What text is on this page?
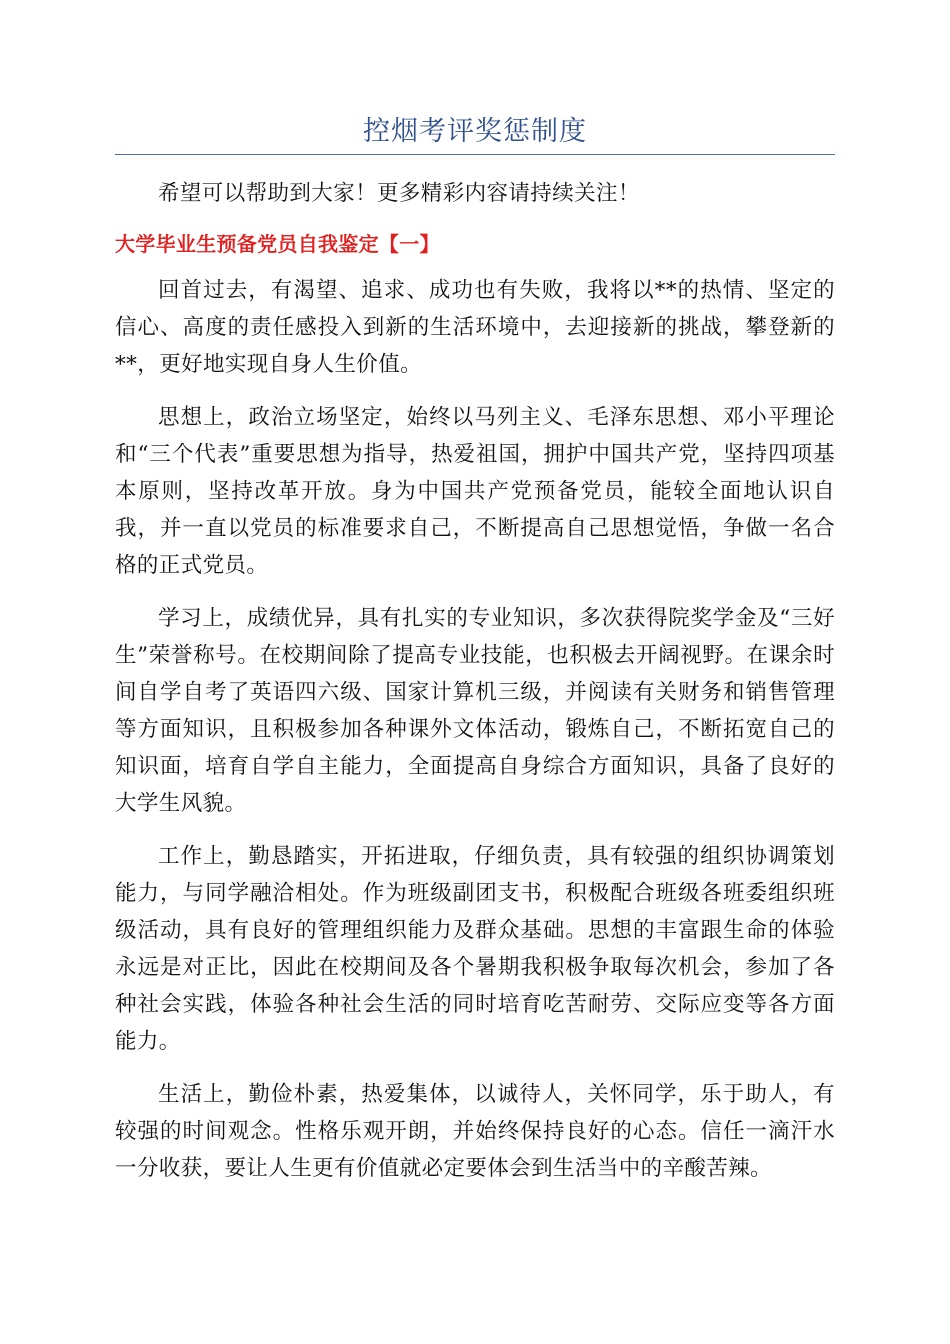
控烟考评奖惩制度

希望可以帮助到大家！更多精彩内容请持续关注！

大学毕业生预备党员自我鉴定【一】

回首过去，有渴望、追求、成功也有失败，我将以**的热情、坚定的信心、高度的责任感投入到新的生活环境中，去迎接新的挑战，攀登新的**，更好地实现自身人生价值。

思想上，政治立场坚定，始终以马列主义、毛泽东思想、邓小平理论和“三个代表”重要思想为指导，热爱祖国，拥护中国共产党，坚持四项基本原则，坚持改革开放。身为中国共产党预备党员，能较全面地认识自我，并一直以党员的标准要求自己，不断提高自己思想觉悟，争做一名合格的正式党员。

学习上，成绩优异，具有扎实的专业知识，多次获得院奖学金及“三好生”荣誉称号。在校期间除了提高专业技能，也积极去开阔视野。在课余时间自学自考了英语四六级、国家计算机三级，并阅读有关财务和销售管理等方面知识，且积极参加各种课外文体活动，锻炼自己，不断拓宽自己的知识面，培育自学自主能力，全面提高自身综合方面知识，具备了良好的大学生风貌。

工作上，勤恳踏实，开拓进取，仔细负责，具有较强的组织协调策划能力，与同学融洽相处。作为班级副团支书，积极配合班级各班委组织班级活动，具有良好的管理组织能力及群众基础。思想的丰富跟生命的体验永远是对正比，因此在校期间及各个暑期我积极争取每次机会，参加了各种社会实践，体验各种社会生活的同时培育吃苦耐劳、交际应变等各方面能力。

生活上，勤俭朴素，热爱集体，以诚待人，关怀同学，乐于助人，有较强的时间观念。性格乐观开朗，并始终保持良好的心态。信任一滴汗水一分收获，要让人生更有价值就必定要体会到生活当中的辛酸苦辣。
